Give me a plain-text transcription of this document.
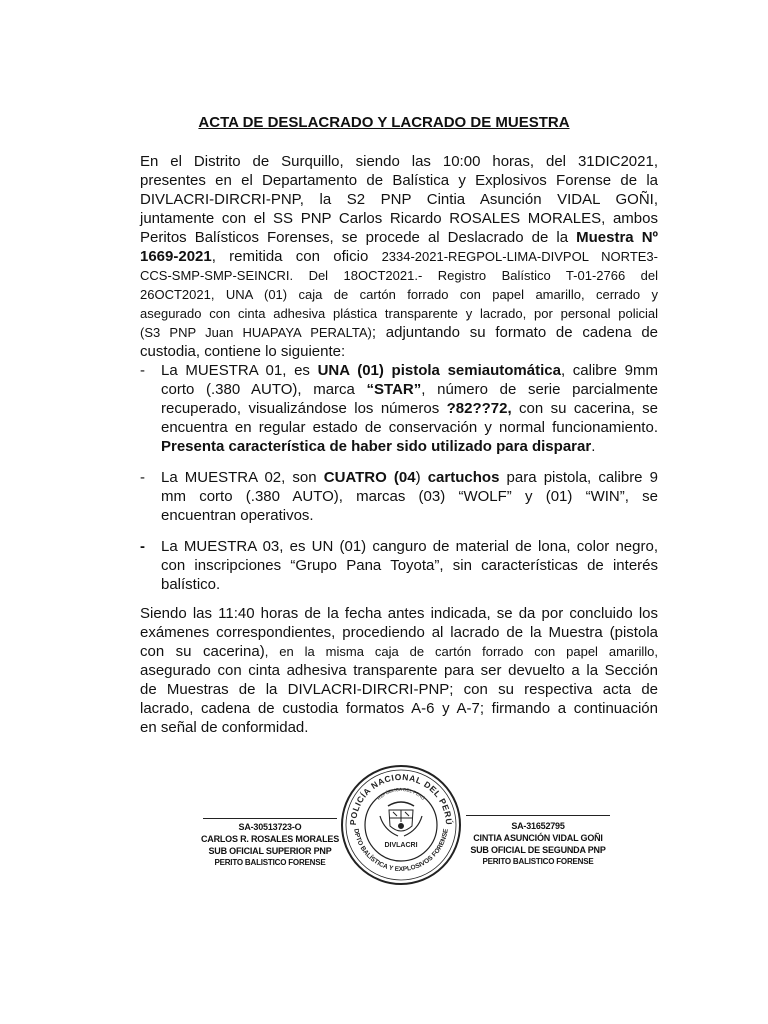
ACTA DE DESLACRADO Y LACRADO DE MUESTRA
En el Distrito de Surquillo, siendo las 10:00 horas, del 31DIC2021,
presentes en el Departamento de Balística y Explosivos Forense de la
DIVLACRI-DIRCRI-PNP, la S2 PNP Cintia Asunción VIDAL GOÑI,
juntamente con el SS PNP Carlos Ricardo ROSALES MORALES, ambos
Peritos Balísticos Forenses, se procede al Deslacrado de la Muestra Nº
1669-2021, remitida con oficio 2334-2021-REGPOL-LIMA-DIVPOL NORTE3-
CCS-SMP-SMP-SEINCRI. Del 18OCT2021.- Registro Balístico T-01-2766 del
26OCT2021, UNA (01) caja de cartón forrado con papel amarillo, cerrado y
asegurado con cinta adhesiva plástica transparente y lacrado, por personal policial
(S3 PNP Juan HUAPAYA PERALTA); adjuntando su formato de cadena de
custodia, contiene lo siguiente:
- La MUESTRA 01, es UNA (01) pistola semiautomática, calibre 9mm
corto (.380 AUTO), marca “STAR”, número de serie parcialmente
recuperado, visualizándose los números ?82??72, con su cacerina, se
encuentra en regular estado de conservación y normal funcionamiento.
Presenta característica de haber sido utilizado para disparar.
- La MUESTRA 02, son CUATRO (04) cartuchos para pistola, calibre 9
mm corto (.380 AUTO), marcas (03) “WOLF” y (01) “WIN”, se
encuentran operativos.
- La MUESTRA 03, es UN (01) canguro de material de lona, color negro,
con inscripciones “Grupo Pana Toyota”, sin características de interés
balístico.
Siendo las 11:40 horas de la fecha antes indicada, se da por concluido los
exámenes correspondientes, procediendo al lacrado de la Muestra (pistola
con su cacerina), en la misma caja de cartón forrado con papel amarillo,
asegurado con cinta adhesiva transparente para ser devuelto a la Sección
de Muestras de la DIVLACRI-DIRCRI-PNP; con su respectiva acta de
lacrado, cadena de custodia formatos A-6 y A-7; firmando a continuación
en señal de conformidad.
SA-30513723-O
CARLOS R. ROSALES MORALES
SUB OFICIAL SUPERIOR PNP
PERITO BALISTICO FORENSE
SA-31652795
CINTIA ASUNCIÓN VIDAL GOÑI
SUB OFICIAL DE SEGUNDA PNP
PERITO BALISTICO FORENSE
POLICÍA NACIONAL DEL PERÚ
REPÚBLICA DEL PERÚ
DPTO BALÍSTICA Y EXPLOSIVOS FORENSE
DIVLACRI
